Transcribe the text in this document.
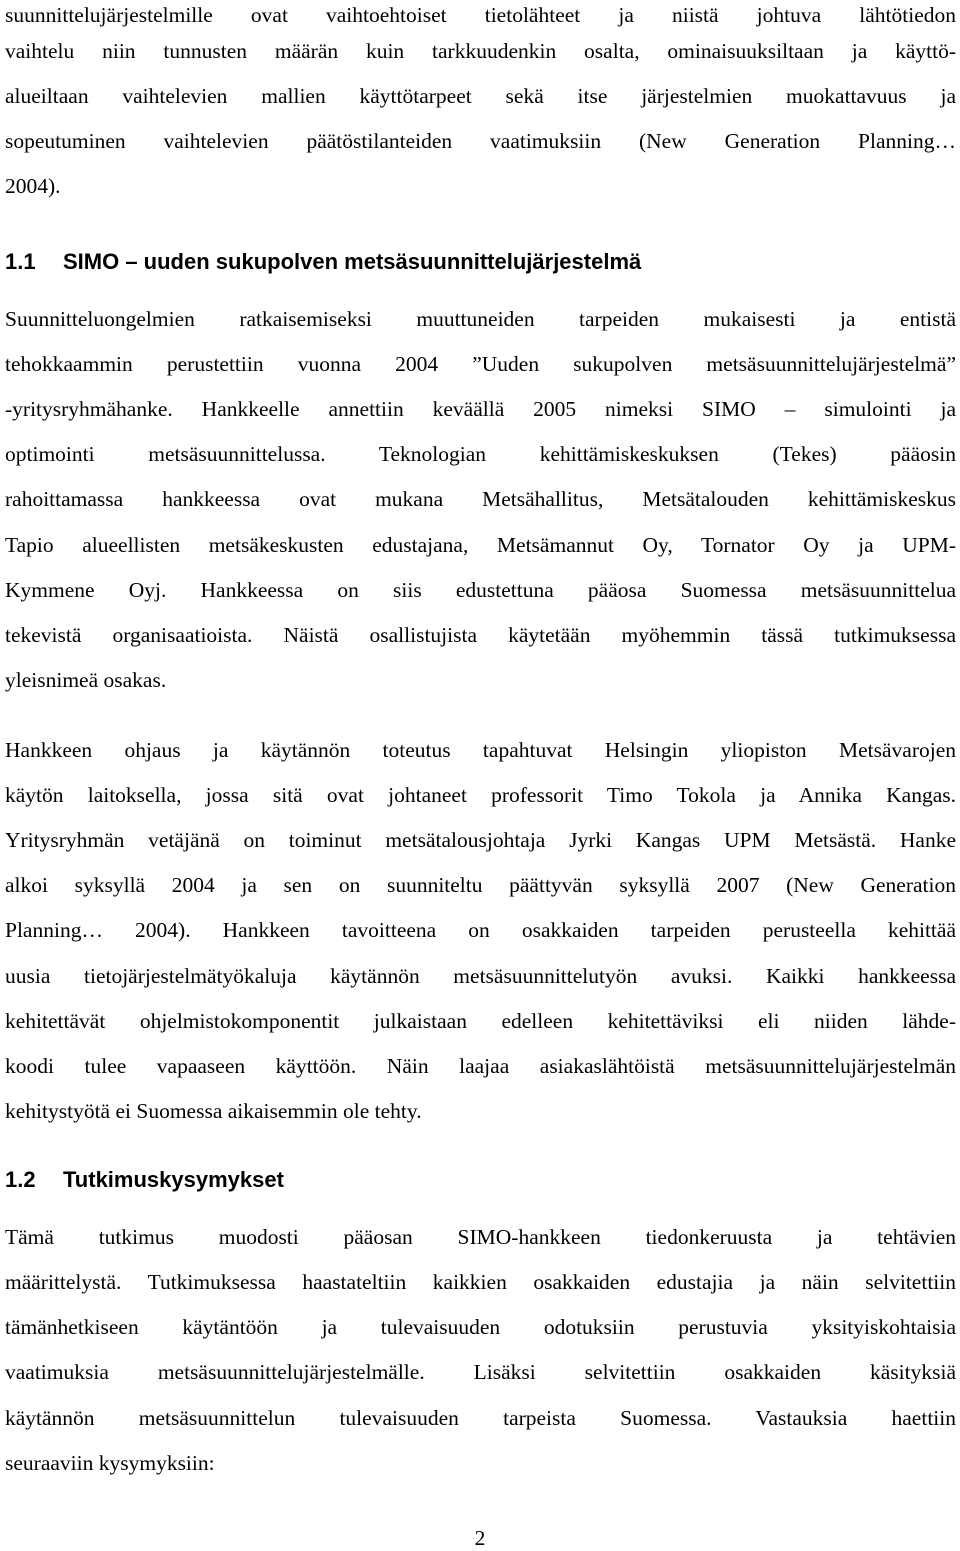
suunnittelujärjestelmille ovat vaihtoehtoiset tietolähteet ja niistä johtuva lähtötiedon
vaihtelu niin tunnusten määrän kuin tarkkuudenkin osalta, ominaisuuksiltaan ja käyttö-
alueiltaan vaihtelevien mallien käyttötarpeet sekä itse järjestelmien muokattavuus ja
sopeutuminen vaihtelevien päätöstilanteiden vaatimuksiin (New Generation Planning…
2004).
1.1 SIMO – uuden sukupolven metsäsuunnittelujärjestelmä
Suunnitteluongelmien ratkaisemiseksi muuttuneiden tarpeiden mukaisesti ja entistä
tehokkaammin perustettiin vuonna 2004 ”Uuden sukupolven metsäsuunnittelujärjestelmä”
-yritysryhmähanke. Hankkeelle annettiin keväällä 2005 nimeksi SIMO – simulointi ja
optimointi metsäsuunnittelussa. Teknologian kehittämiskeskuksen (Tekes) pääosin
rahoittamassa hankkeessa ovat mukana Metsähallitus, Metsätalouden kehittämiskeskus
Tapio alueellisten metsäkeskusten edustajana, Metsämannut Oy, Tornator Oy ja UPM-
Kymmene Oyj. Hankkeessa on siis edustettuna pääosa Suomessa metsäsuunnittelua
tekevistä organisaatioista. Näistä osallistujista käytetään myöhemmin tässä tutkimuksessa
yleisnimeä osakas.
Hankkeen ohjaus ja käytännön toteutus tapahtuvat Helsingin yliopiston Metsävarojen
käytön laitoksella, jossa sitä ovat johtaneet professorit Timo Tokola ja Annika Kangas.
Yritysryhmän vetäjänä on toiminut metsätalousjohtaja Jyrki Kangas UPM Metsästä. Hanke
alkoi syksyllä 2004 ja sen on suunniteltu päättyvän syksyllä 2007 (New Generation
Planning… 2004). Hankkeen tavoitteena on osakkaiden tarpeiden perusteella kehittää
uusia tietojärjestelmätyökaluja käytännön metsäsuunnittelutyön avuksi. Kaikki hankkeessa
kehitettävät ohjelmistokomponentit julkaistaan edelleen kehitettäviksi eli niiden lähde-
koodi tulee vapaaseen käyttöön. Näin laajaa asiakaslähtöistä metsäsuunnittelujärjestelmän
kehitystyötä ei Suomessa aikaisemmin ole tehty.
1.2 Tutkimuskysymykset
Tämä tutkimus muodosti pääosan SIMO-hankkeen tiedonkeruusta ja tehtävien
määrittelystä. Tutkimuksessa haastateltiin kaikkien osakkaiden edustajia ja näin selvitettiin
tämänhetkiseen käytäntöön ja tulevaisuuden odotuksiin perustuvia yksityiskohtaisia
vaatimuksia metsäsuunnittelujärjestelmälle. Lisäksi selvitettiin osakkaiden käsityksiä
käytännön metsäsuunnittelun tulevaisuuden tarpeista Suomessa. Vastauksia haettiin
seuraaviin kysymyksiin:
2
